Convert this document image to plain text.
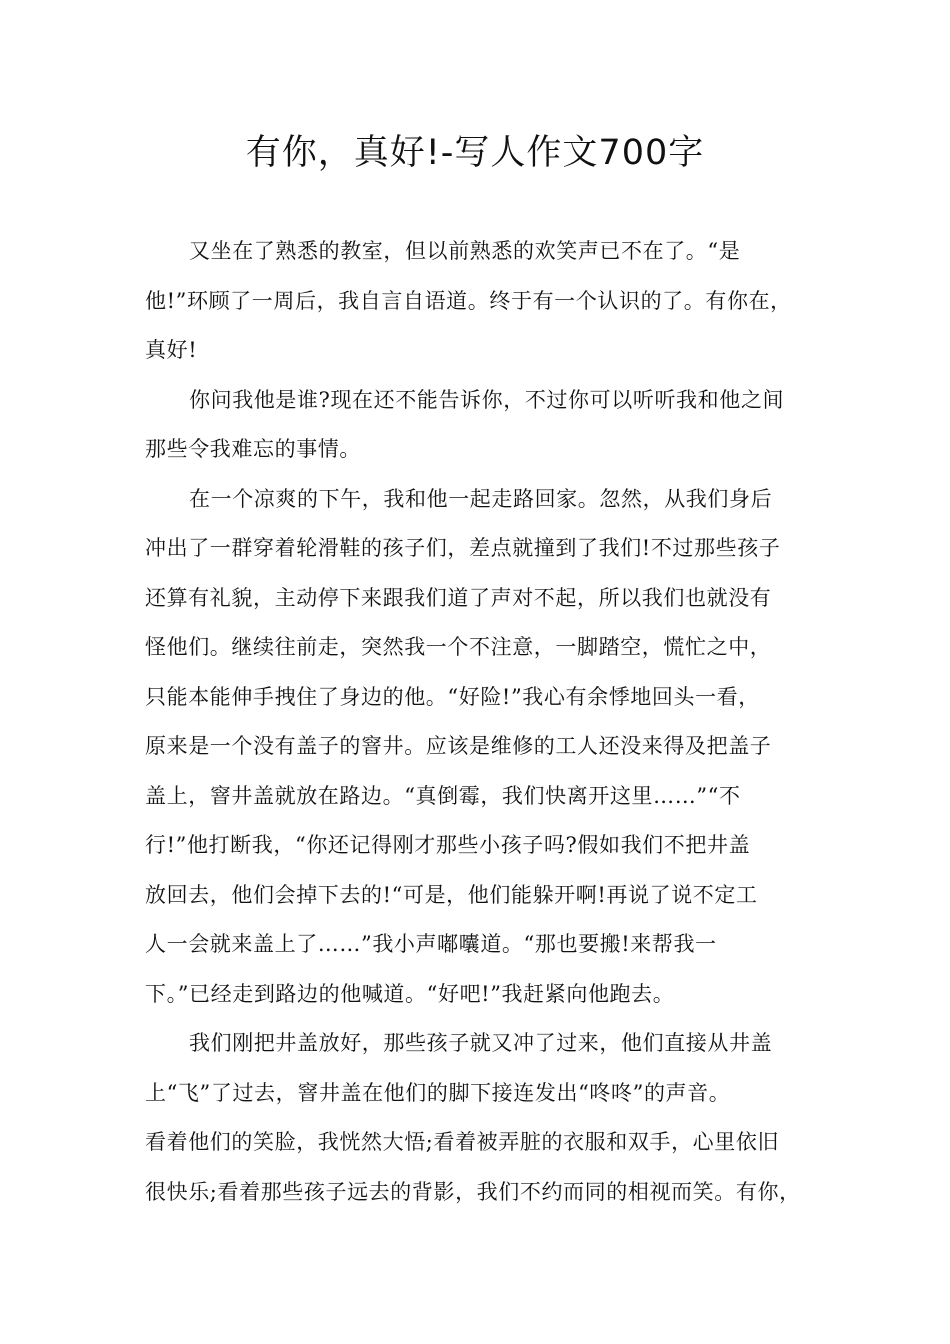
有你，真好!-写人作文700字
又坐在了熟悉的教室，但以前熟悉的欢笑声已不在了。“是
他!”环顾了一周后，我自言自语道。终于有一个认识的了。有你在，
真好!
你问我他是谁?现在还不能告诉你，不过你可以听听我和他之间
那些令我难忘的事情。
在一个凉爽的下午，我和他一起走路回家。忽然，从我们身后
冲出了一群穿着轮滑鞋的孩子们，差点就撞到了我们!不过那些孩子
还算有礼貌，主动停下来跟我们道了声对不起，所以我们也就没有
怪他们。继续往前走，突然我一个不注意，一脚踏空，慌忙之中，
只能本能伸手拽住了身边的他。“好险!”我心有余悸地回头一看，
原来是一个没有盖子的窨井。应该是维修的工人还没来得及把盖子
盖上，窨井盖就放在路边。“真倒霉，我们快离开这里……”“不
行!”他打断我，“你还记得刚才那些小孩子吗?假如我们不把井盖
放回去，他们会掉下去的!“可是，他们能躲开啊!再说了说不定工
人一会就来盖上了……”我小声嘟囔道。“那也要搬!来帮我一
下。”已经走到路边的他喊道。“好吧!”我赶紧向他跑去。
我们刚把井盖放好，那些孩子就又冲了过来，他们直接从井盖
上“飞”了过去，窨井盖在他们的脚下接连发出“咚咚”的声音。
看着他们的笑脸，我恍然大悟;看着被弄脏的衣服和双手，心里依旧
很快乐;看着那些孩子远去的背影，我们不约而同的相视而笑。有你，
